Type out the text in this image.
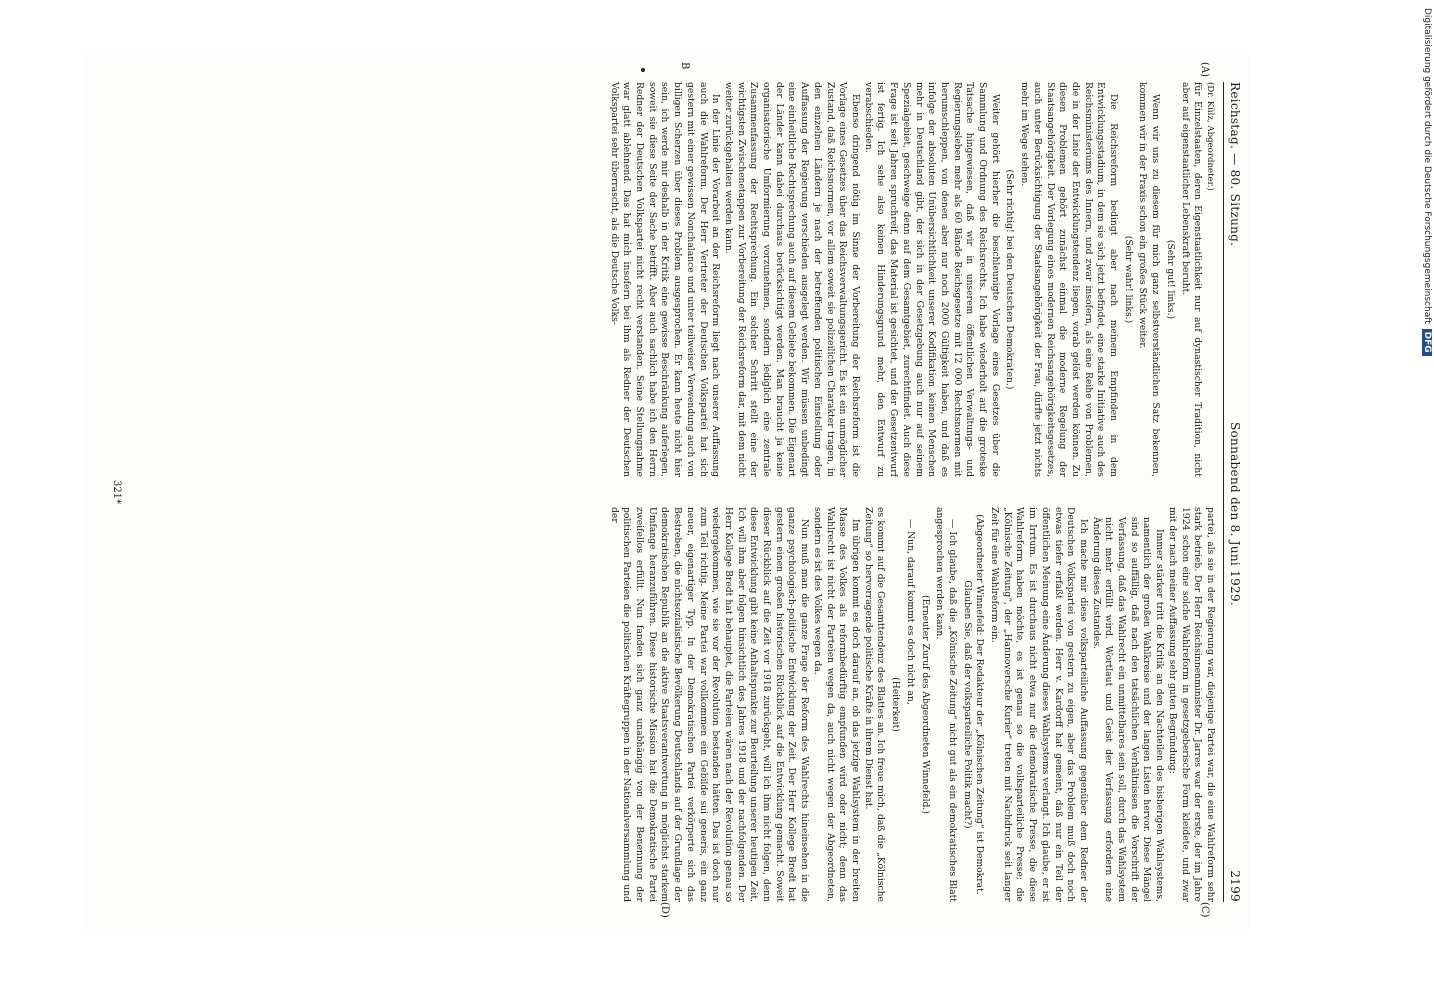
Reichstag. — 80. Sitzung.
Sonnabend den 8. Juni 1929.
2199
(A)
B
(C)
(D)

(Dr. Külz, Abgeordneter.)

für Einzelstaaten, deren Eigenstaatlichkeit nur auf dynastischer Tradition, nicht aber auf eigenstaatlicher Lebenskraft beruht.

(Sehr gut! links.)

Wenn wir uns zu diesem für mich ganz selbstverständlichen Satz bekennen, kommen wir in der Praxis schon ein großes Stück weiter.

(Sehr wahr! links.)

Die Reichsreform bedingt aber nach meinem Empfinden in dem Entwicklungsstadium, in dem sie sich jetzt befindet, eine starke Initiative auch des Reichsministeriums des Innern, und zwar insofern, als eine Reihe von Problemen, die in der Linie der Entwicklungstendenz liegen, vorab gelöst werden können. Zu diesen Problemen gehört zunächst einmal die moderne Regelung der Staatsangehörigkeit. Der Vorlegung eines modernen Reichsangehörigkeitsgesetzes, auch unter Berücksichtigung der Staatsangehörigkeit der Frau, dürfte jetzt nichts mehr im Wege stehen.

(Sehr richtig! bei den Deutschen Demokraten.)

Weiter gehört hierher die beschleunigte Vorlage eines Gesetzes über die Sammlung und Ordnung des Reichsrechts. Ich habe wiederholt auf die groteske Tatsache hingewiesen, daß wir in unserem öffentlichen Verwaltungs- und Regierungsleben mehr als 60 Bände Reichsgesetze mit 12 000 Rechtsnormen mit herumschleppen, von denen aber nur noch 2000 Gültigkeit haben, und daß es infolge der absoluten Unübersichtlichkeit unserer Kodifikation keinen Menschen mehr in Deutschland gibt, der sich in der Gesetzgebung auch nur auf seinem Spezialgebiet, geschweige denn auf dem Gesamtgebiet, zurechtfindet. Auch diese Frage ist seit Jahren spruchreif, das Material ist gesichtet, und der Gesetzentwurf ist fertig. Ich sehe also keinen Hinderungsgrund mehr, den Entwurf zu verabschieden.

Ebenso dringend nötig im Sinne der Vorbereitung der Reichsreform ist die Vorlage eines Gesetzes über das Reichsverwaltungsgericht. Es ist ein unmöglicher Zustand, daß Reichsnormen, vor allem soweit sie polizeilichen Charakter tragen, in den einzelnen Ländern je nach der betreffenden politischen Einstellung oder Auffassung der Regierung verschieden ausgelegt werden. Wir müssen unbedingt eine einheitliche Rechtsprechung auch auf diesem Gebiete bekommen. Die Eigenart der Länder kann dabei durchaus berücksichtigt werden. Man braucht ja keine organisatorische Umformierung vorzunehmen, sondern lediglich eine zentrale Zusammenfassung der Rechtsprechung. Ein solcher Schritt stellt eine der wichtigsten Zwischenetappen zur Vorbereitung der Reichsreform dar, mit dem nicht weiter zurückgehalten werden kann.

In der Linie der Vorarbeit an der Reichsreform liegt nach unserer Auffassung auch die Wahlreform. Der Herr Vertreter der Deutschen Volkspartei hat sich gestern mit einer gewissen Nonchalance und unter teilweiser Verwendung auch von billigen Scherzen über dieses Problem ausgesprochen. Er kann heute nicht hier sein, ich werde mir deshalb in der Kritik eine gewisse Beschränkung auferlegen, soweit sie diese Seite der Sache betrifft. Aber auch sachlich habe ich den Herrn Redner der Deutschen Volkspartei nicht recht verstanden. Seine Stellungnahme war glatt ablehnend. Das hat mich insofern bei ihm als Redner der Deutschen Volkspartei sehr überrascht, als die Deutsche Volks-

partei, als sie in der Regierung war, diejenige Partei war, die eine Wahlreform sehr stark betrieb. Der Herr Reichsinnenminister Dr. Jarres war der erste, der im Jahre 1924 schon eine solche Wahlreform in gesetzgeberische Form kleidete, und zwar mit der nach meiner Auffassung sehr guten Begründung:

Immer stärker tritt die Kritik an den Nachteilen des bisherigen Wahlsystems, namentlich der großen Wahlkreise und der langen Listen hervor. Diese Mängel sind so auffällig, daß nach den tatsächlichen Verhältnissen die Vorschrift der Verfassung, daß das Wahlrecht ein unmittelbares sein soll, durch das Wahlsystem nicht mehr erfüllt wird. Wortlaut und Geist der Verfassung erfordern eine Änderung dieses Zustandes.

Ich mache mir diese volksparteiliche Auffassung gegenüber dem Redner der Deutschen Volkspartei von gestern zu eigen, aber das Problem muß doch noch etwas tiefer erfaßt werden. Herr v. Kardorff hat gemeint, daß nur ein Teil der öffentlichen Meinung eine Änderung dieses Wahlsystems verlangt. Ich glaube, er ist im Irrtum. Es ist durchaus nicht etwa nur die demokratische Presse, die diese Wahlreform haben möchte, es ist genau so die volksparteiliche Presse; die „Kölnische Zeitung“, der „Hannoversche Kurier“ treten mit Nachdruck seit langer Zeit für eine Wahlreform ein.

(Abgeordneter Winnefeld: Der Redakteur der „Kölnischen Zeitung“ ist Demokrat. Glauben Sie, daß der volksparteiliche Politik macht?)

— Ich glaube, daß die „Kölnische Zeitung“ nicht gut als ein demokratisches Blatt angesprochen werden kann.

(Erneuter Zuruf des Abgeordneten Winnefeld.)

— Nun, darauf kommt es doch nicht an,

(Heiterkeit)

es kommt auf die Gesamttendenz des Blattes an. Ich freue mich, daß die „Kölnische Zeitung“ so hervorragende politische Kräfte in ihrem Dienst hat.

Im übrigen kommt es doch darauf an, ob das jetzige Wahlsystem in der breiten Masse des Volkes als reformbedürftig empfunden wird oder nicht; denn das Wahlrecht ist nicht der Parteien wegen da, auch nicht wegen der Abgeordneten, sondern es ist des Volkes wegen da.

Nun muß man die ganze Frage der Reform des Wahlrechts hineinsehen in die ganze psychologisch-politische Entwicklung der Zeit. Der Herr Kollege Bredt hat gestern einen großen historischen Rückblick auf die Entwicklung gemacht. Soweit dieser Rückblick auf die Zeit vor 1918 zurückgeht, will ich ihm nicht folgen, denn diese Entwicklung gibt keine Anhaltspunkte zur Beurteilung unserer heutigen Zeit. Ich will ihm aber folgen hinsichtlich des Jahres 1918 und der nachfolgenden. Der Herr Kollege Bredt hat behauptet, die Parteien wären nach der Revolution genau so wiedergekommen, wie sie vor der Revolution bestanden hätten. Das ist doch nur zum Teil richtig. Meine Partei war vollkommen ein Gebilde sui generis, ein ganz neuer, eigenartiger Typ. In der Demokratischen Partei verkörperte sich das Bestreben, die nichtsozialistische Bevölkerung Deutschlands auf der Grundlage der demokratischen Republik an die aktive Staatsverantwortung in möglichst starkem Umfange heranzuführen. Diese historische Mission hat die Demokratische Partei zweifellos erfüllt. Nun fanden sich ganz unabhängig von der Benennung der politischen Parteien die politischen Kräftegruppen in der Nationalversammlung und der

321*
Digitalisierung gefördert durch die Deutsche Forschungsgemeinschaft DFG
